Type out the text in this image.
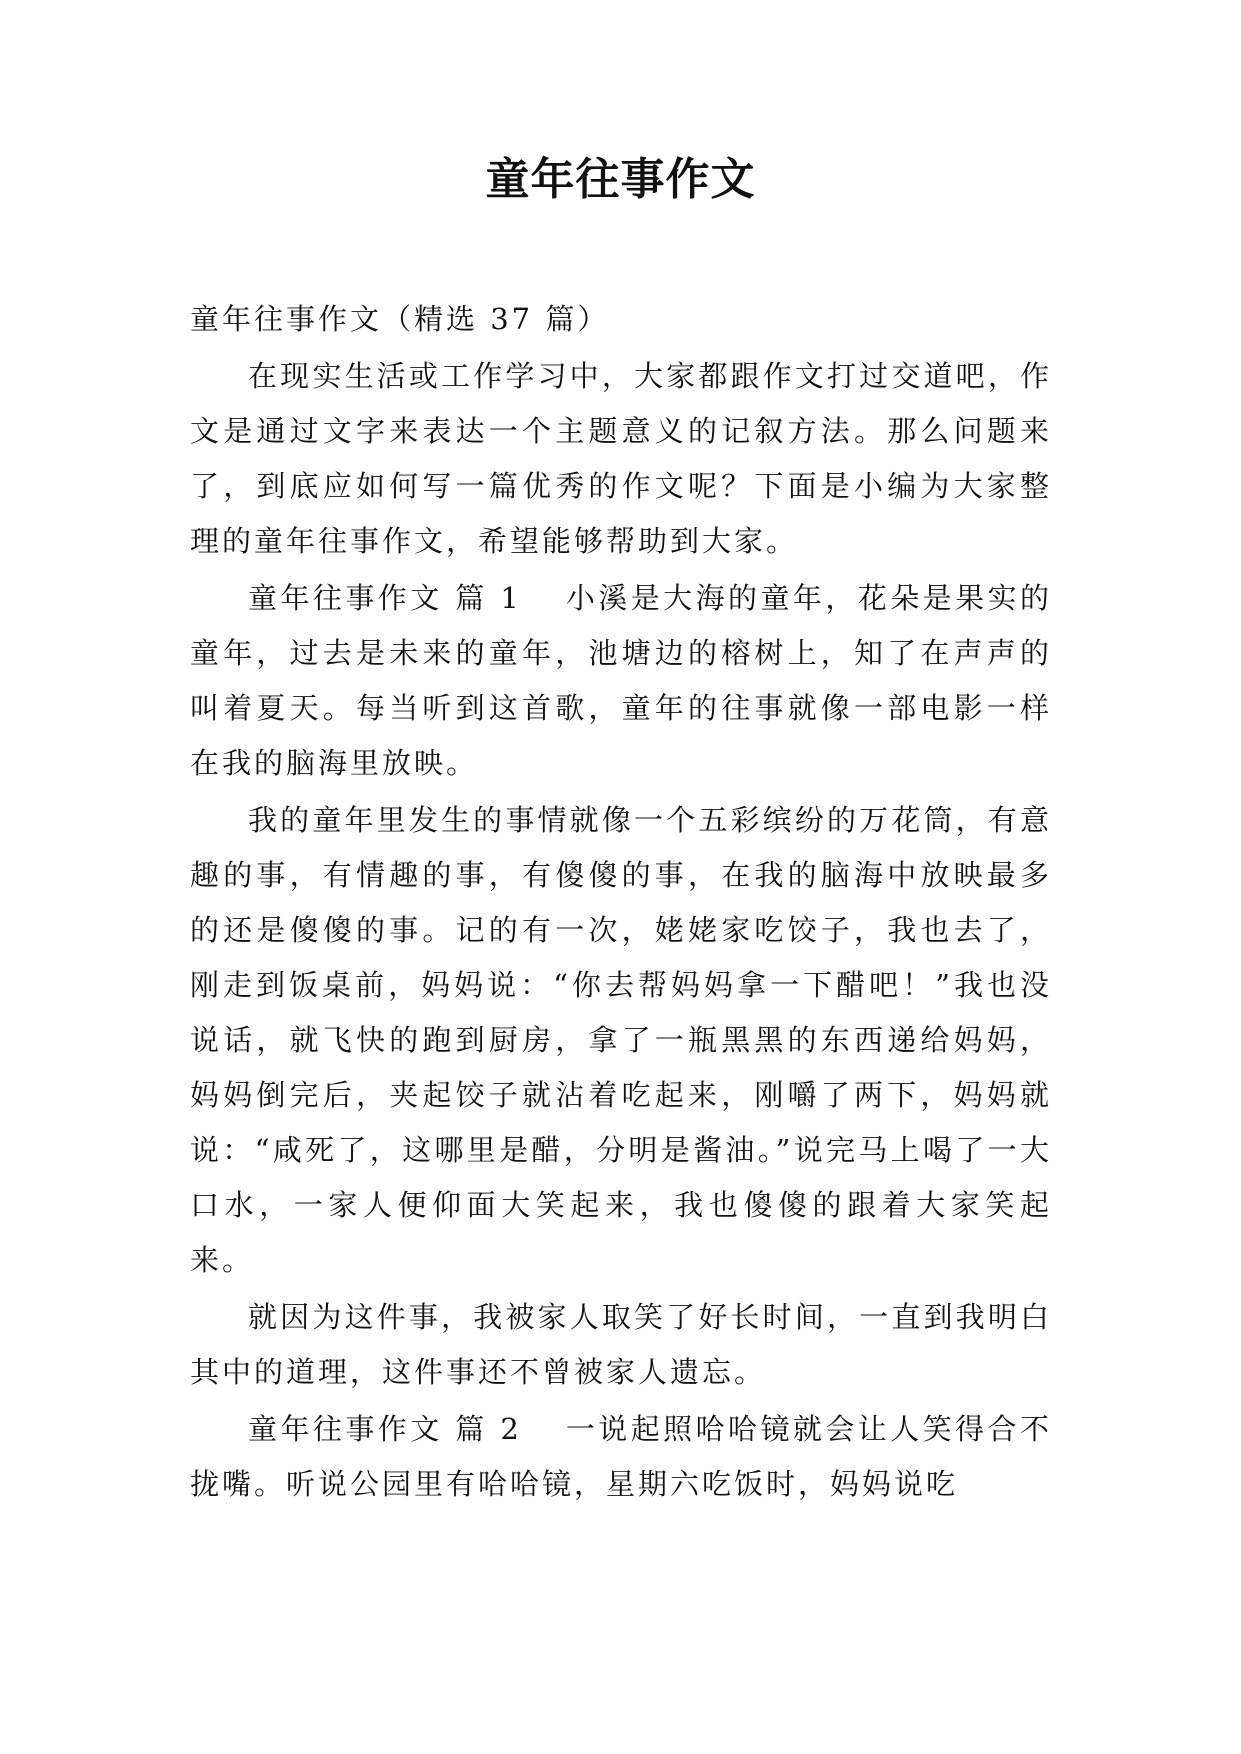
童年往事作文

童年往事作文（精选 37 篇）

在现实生活或工作学习中，大家都跟作文打过交道吧，作文是通过文字来表达一个主题意义的记叙方法。那么问题来了，到底应如何写一篇优秀的作文呢？下面是小编为大家整理的童年往事作文，希望能够帮助到大家。

童年往事作文 篇 1 小溪是大海的童年，花朵是果实的童年，过去是未来的童年，池塘边的榕树上，知了在声声的叫着夏天。每当听到这首歌，童年的往事就像一部电影一样在我的脑海里放映。

我的童年里发生的事情就像一个五彩缤纷的万花筒，有意趣的事，有情趣的事，有傻傻的事，在我的脑海中放映最多的还是傻傻的事。记的有一次，姥姥家吃饺子，我也去了，刚走到饭桌前，妈妈说：“你去帮妈妈拿一下醋吧！”我也没说话，就飞快的跑到厨房，拿了一瓶黑黑的东西递给妈妈，妈妈倒完后，夹起饺子就沾着吃起来，刚嚼了两下，妈妈就说：“咸死了，这哪里是醋，分明是酱油。”说完马上喝了一大口水，一家人便仰面大笑起来，我也傻傻的跟着大家笑起来。

就因为这件事，我被家人取笑了好长时间，一直到我明白其中的道理，这件事还不曾被家人遗忘。

童年往事作文 篇 2 一说起照哈哈镜就会让人笑得合不拢嘴。听说公园里有哈哈镜，星期六吃饭时，妈妈说吃
